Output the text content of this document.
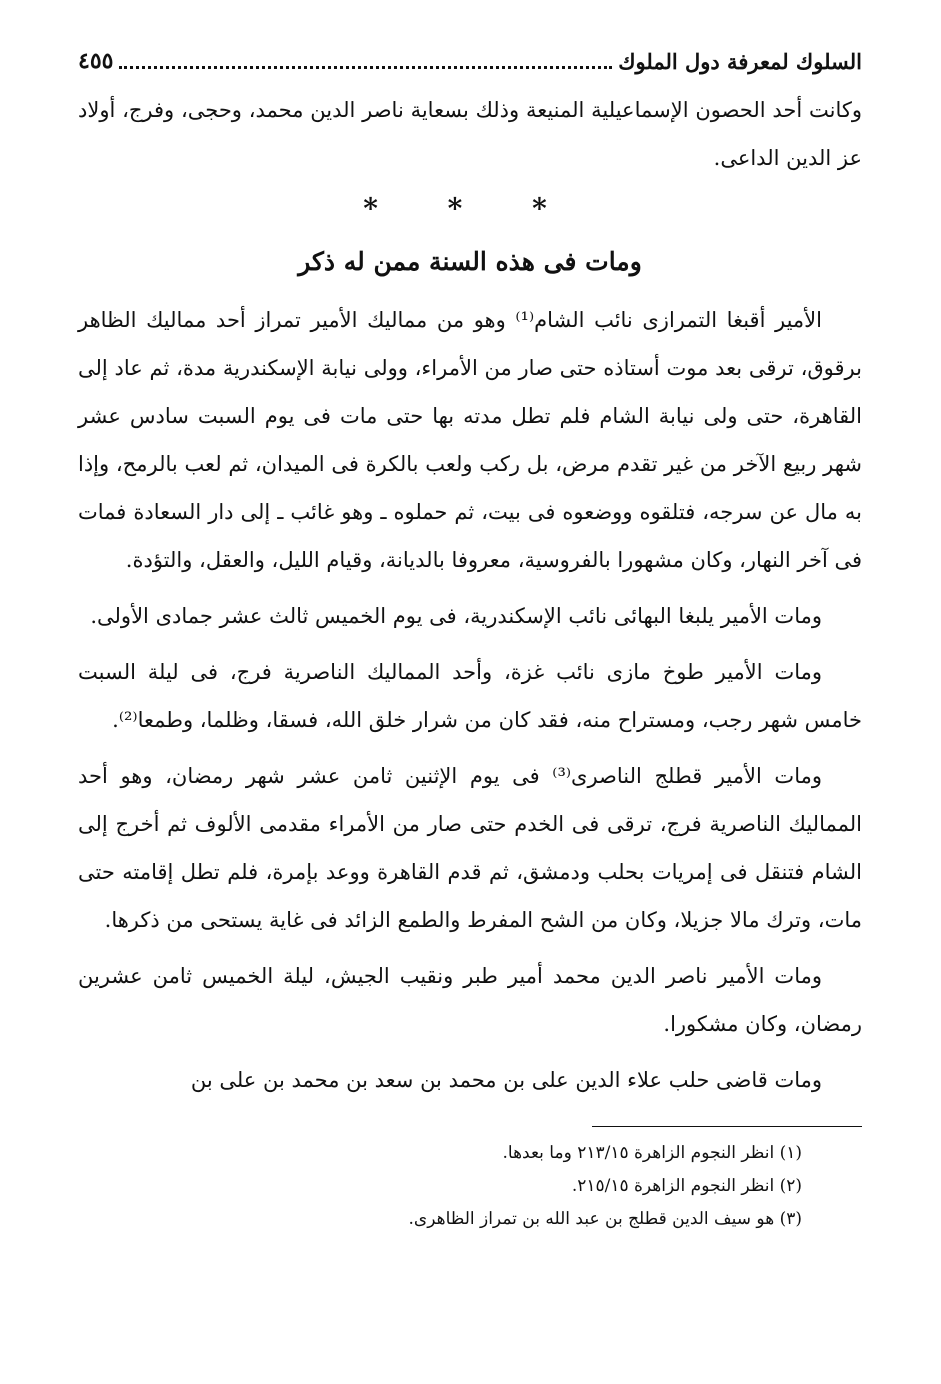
السلوك لمعرفة دول الملوك
٤٥٥

وكانت أحد الحصون الإسماعيلية المنيعة وذلك بسعاية ناصر الدين محمد، وحجى، وفرج، أولاد عز الدين الداعى.

* * *
ومات فى هذه السنة ممن له ذكر

الأمير أقبغا التمرازى نائب الشام⁽¹⁾ وهو من مماليك الأمير تمراز أحد مماليك الظاهر برقوق، ترقى بعد موت أستاذه حتى صار من الأمراء، وولى نيابة الإسكندرية مدة، ثم عاد إلى القاهرة، حتى ولى نيابة الشام فلم تطل مدته بها حتى مات فى يوم السبت سادس عشر شهر ربيع الآخر من غير تقدم مرض، بل ركب ولعب بالكرة فى الميدان، ثم لعب بالرمح، وإذا به مال عن سرجه، فتلقوه ووضعوه فى بيت، ثم حملوه ـ وهو غائب ـ إلى دار السعادة فمات فى آخر النهار، وكان مشهورا بالفروسية، معروفا بالديانة، وقيام الليل، والعقل، والتؤدة.

ومات الأمير يلبغا البهائى نائب الإسكندرية، فى يوم الخميس ثالث عشر جمادى الأولى.

ومات الأمير طوخ مازى نائب غزة، وأحد المماليك الناصرية فرج، فى ليلة السبت خامس شهر رجب، ومستراح منه، فقد كان من شرار خلق الله، فسقا، وظلما، وطمعا⁽²⁾.

ومات الأمير قطلج الناصرى⁽³⁾ فى يوم الإثنين ثامن عشر شهر رمضان، وهو أحد المماليك الناصرية فرج، ترقى فى الخدم حتى صار من الأمراء مقدمى الألوف ثم أخرج إلى الشام فتنقل فى إمريات بحلب ودمشق، ثم قدم القاهرة ووعد بإمرة، فلم تطل إقامته حتى مات، وترك مالا جزيلا، وكان من الشح المفرط والطمع الزائد فى غاية يستحى من ذكرها.

ومات الأمير ناصر الدين محمد أمير طبر ونقيب الجيش، ليلة الخميس ثامن عشرين رمضان، وكان مشكورا.

ومات قاضى حلب علاء الدين على بن محمد بن سعد بن محمد بن على بن

(١) انظر النجوم الزاهرة ٢١٣/١٥ وما بعدها.

(٢) انظر النجوم الزاهرة ٢١٥/١٥.

(٣) هو سيف الدين قطلج بن عبد الله بن تمراز الظاهرى.
